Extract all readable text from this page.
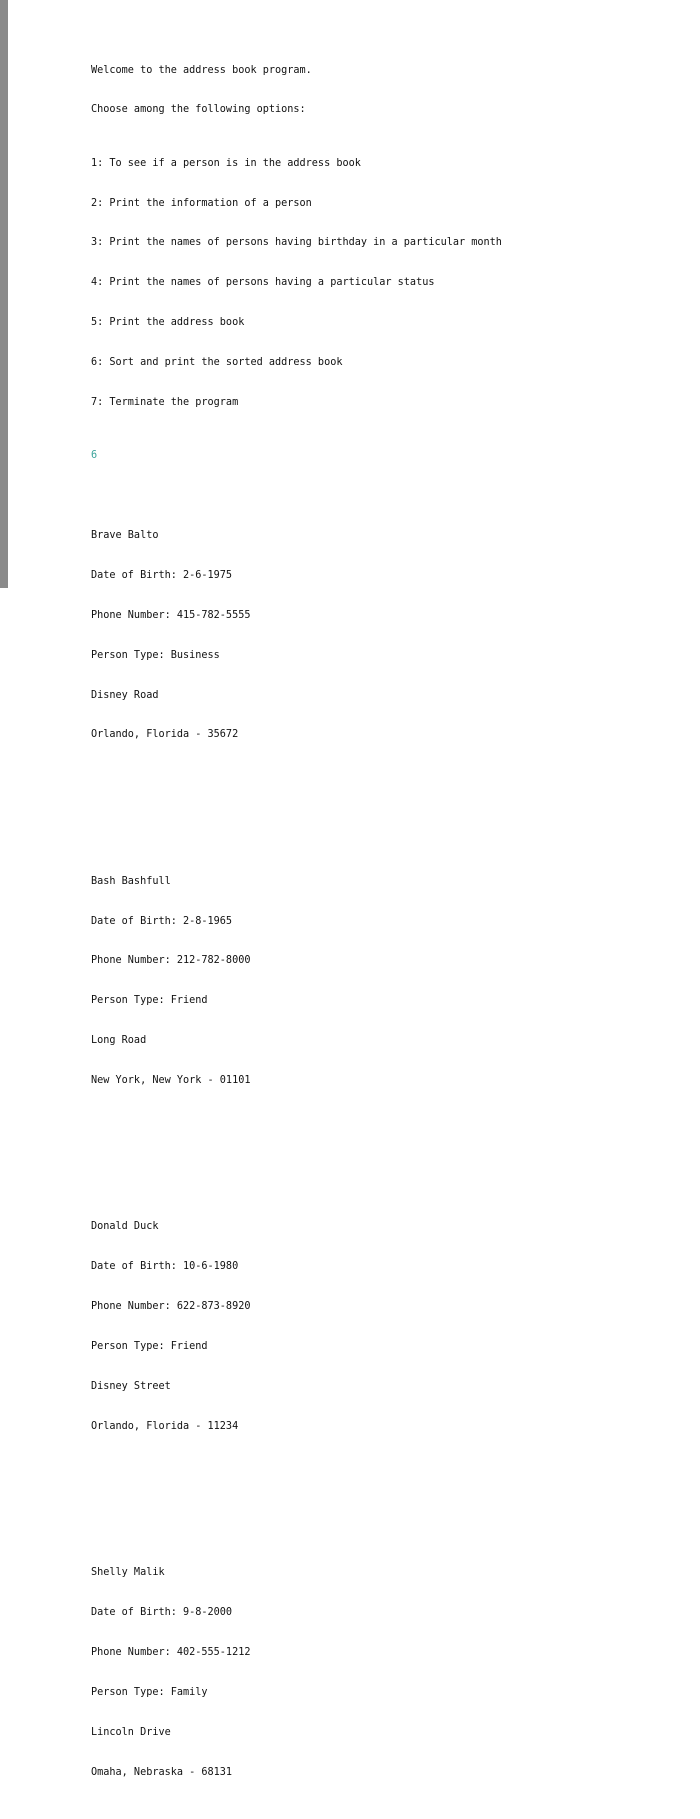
Welcome to the address book program.

Choose among the following options:

1: To see if a person is in the address book

2: Print the information of a person

3: Print the names of persons having birthday in a particular month

4: Print the names of persons having a particular status

5: Print the address book

6: Sort and print the sorted address book

7: Terminate the program

6

Brave Balto

Date of Birth: 2-6-1975

Phone Number: 415-782-5555

Person Type: Business

Disney Road

Orlando, Florida - 35672

Bash Bashfull

Date of Birth: 2-8-1965

Phone Number: 212-782-8000

Person Type: Friend

Long Road

New York, New York - 01101

Donald Duck

Date of Birth: 10-6-1980

Phone Number: 622-873-8920

Person Type: Friend

Disney Street

Orlando, Florida - 11234

Shelly Malik

Date of Birth: 9-8-2000

Phone Number: 402-555-1212

Person Type: Family

Lincoln Drive

Omaha, Nebraska - 68131
